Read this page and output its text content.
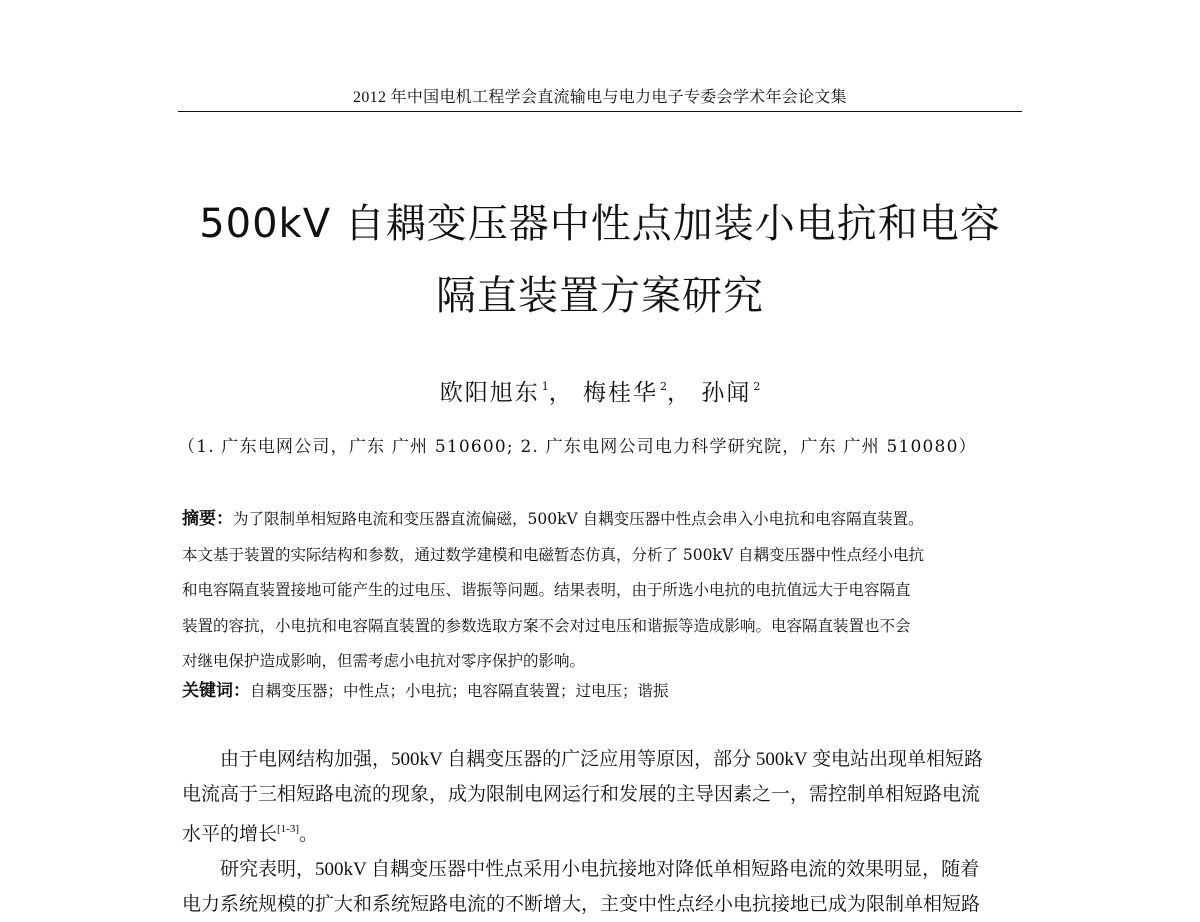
2012 年中国电机工程学会直流输电与电力电子专委会学术年会论文集
500kV 自耦变压器中性点加装小电抗和电容
隔直装置方案研究
欧阳旭东 $^1$， 梅桂华 $^2$， 孙闻 $^2$
（1. 广东电网公司，广东 广州 510600; 2. 广东电网公司电力科学研究院，广东 广州 510080）
摘要：为了限制单相短路电流和变压器直流偏磁，500kV 自耦变压器中性点会串入小电抗和电容隔直装置。
本文基于装置的实际结构和参数，通过数学建模和电磁暂态仿真，分析了 500kV 自耦变压器中性点经小电抗
和电容隔直装置接地可能产生的过电压、谐振等问题。结果表明，由于所选小电抗的电抗值远大于电容隔直
装置的容抗，小电抗和电容隔直装置的参数选取方案不会对过电压和谐振等造成影响。电容隔直装置也不会
对继电保护造成影响，但需考虑小电抗对零序保护的影响。
关键词：自耦变压器；中性点；小电抗；电容隔直装置；过电压；谐振
由于电网结构加强，500kV 自耦变压器的广泛应用等原因，部分 500kV 变电站出现单相短路
电流高于三相短路电流的现象，成为限制电网运行和发展的主导因素之一，需控制单相短路电流
水平的增长[1-3]。
研究表明，500kV 自耦变压器中性点采用小电抗接地对降低单相短路电流的效果明显，随着
电力系统规模的扩大和系统短路电流的不断增大，主变中性点经小电抗接地已成为限制单相短路
